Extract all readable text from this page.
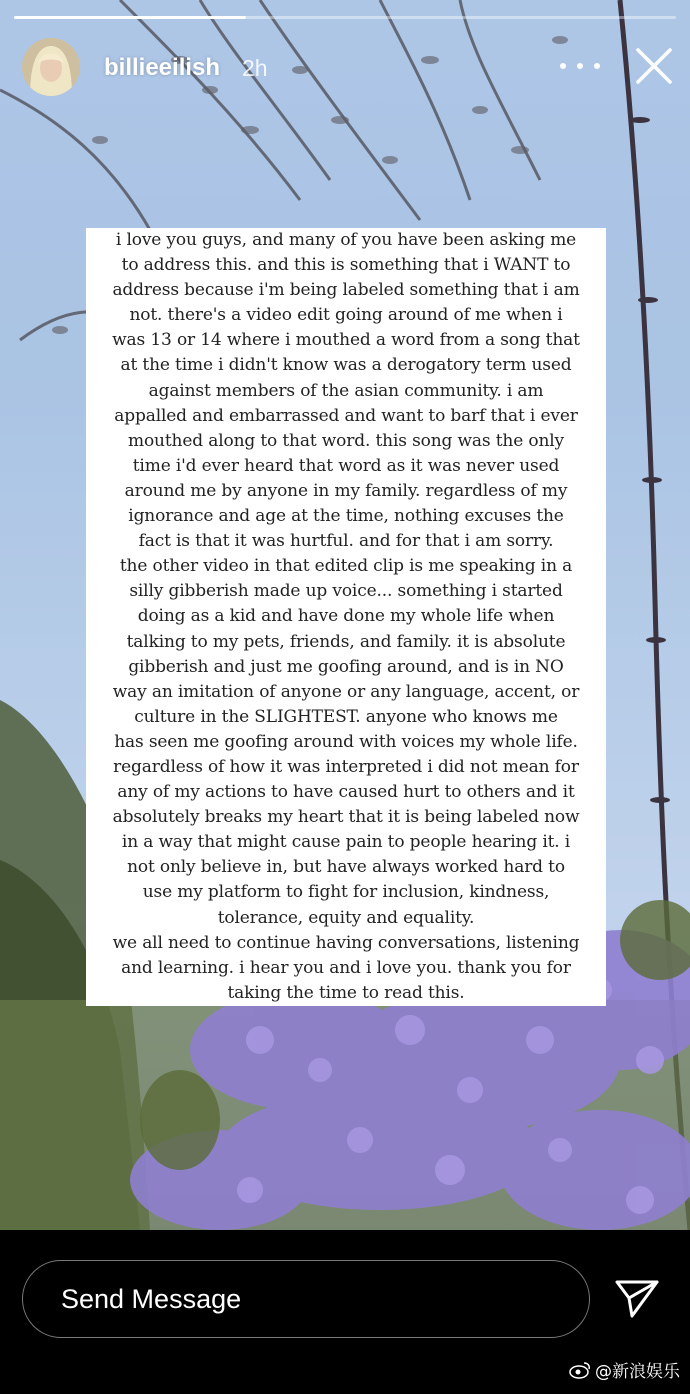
billieeilish 2h
i love you guys, and many of you have been asking me
to address this. and this is something that i WANT to
address because i'm being labeled something that i am
not. there's a video edit going around of me when i
was 13 or 14 where i mouthed a word from a song that
at the time i didn't know was a derogatory term used
against members of the asian community. i am
appalled and embarrassed and want to barf that i ever
mouthed along to that word. this song was the only
time i'd ever heard that word as it was never used
around me by anyone in my family. regardless of my
ignorance and age at the time, nothing excuses the
fact is that it was hurtful. and for that i am sorry.
the other video in that edited clip is me speaking in a
silly gibberish made up voice... something i started
doing as a kid and have done my whole life when
talking to my pets, friends, and family. it is absolute
gibberish and just me goofing around, and is in NO
way an imitation of anyone or any language, accent, or
culture in the SLIGHTEST. anyone who knows me
has seen me goofing around with voices my whole life.
regardless of how it was interpreted i did not mean for
any of my actions to have caused hurt to others and it
absolutely breaks my heart that it is being labeled now
in a way that might cause pain to people hearing it. i
not only believe in, but have always worked hard to
use my platform to fight for inclusion, kindness,
tolerance, equity and equality.
we all need to continue having conversations, listening
and learning. i hear you and i love you. thank you for
taking the time to read this.
Send Message
@新浪娱乐
